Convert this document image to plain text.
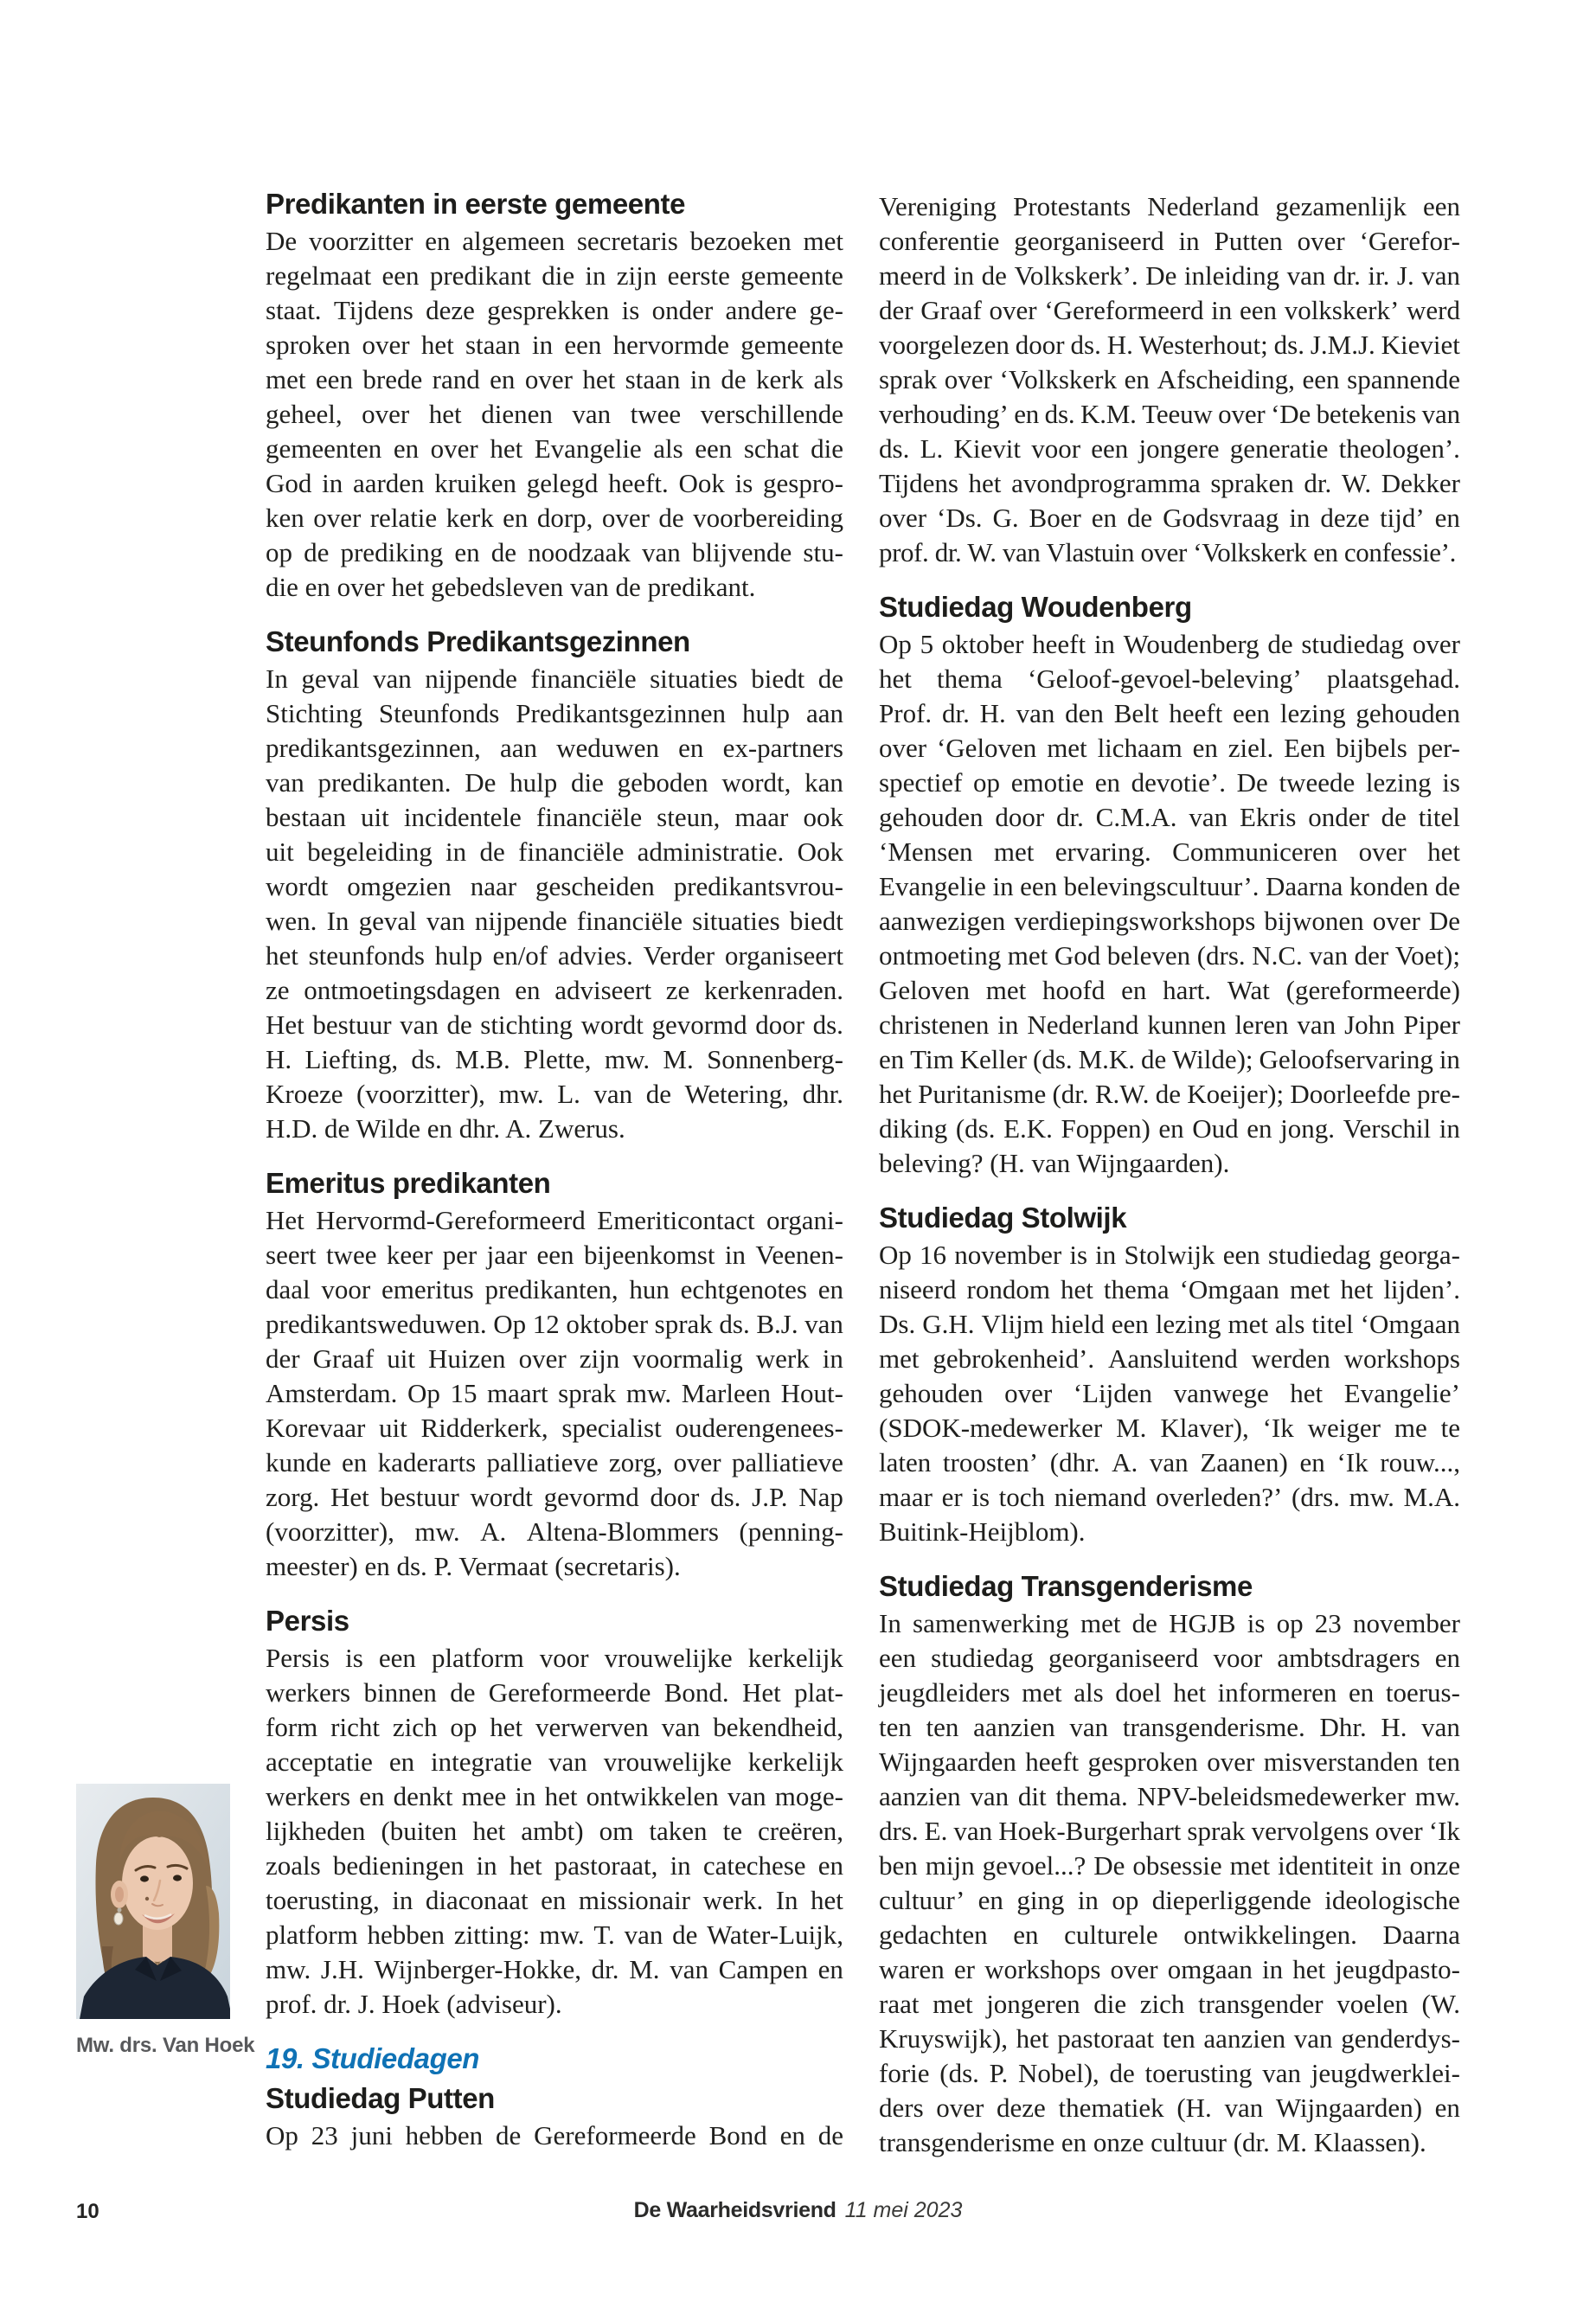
Predikanten in eerste gemeente
De voorzitter en algemeen secretaris bezoeken met
regelmaat een predikant die in zijn eerste gemeente
staat. Tijdens deze gesprekken is onder andere ge-
sproken over het staan in een hervormde gemeente
met een brede rand en over het staan in de kerk als
geheel, over het dienen van twee verschillende
gemeenten en over het Evangelie als een schat die
God in aarden kruiken gelegd heeft. Ook is gespro-
ken over relatie kerk en dorp, over de voorbereiding
op de prediking en de noodzaak van blijvende stu-
die en over het gebedsleven van de predikant.
Steunfonds Predikantsgezinnen
In geval van nijpende financiële situaties biedt de
Stichting Steunfonds Predikantsgezinnen hulp aan
predikantsgezinnen, aan weduwen en ex-partners
van predikanten. De hulp die geboden wordt, kan
bestaan uit incidentele financiële steun, maar ook
uit begeleiding in de financiële administratie. Ook
wordt omgezien naar gescheiden predikantsvrou-
wen. In geval van nijpende financiële situaties biedt
het steunfonds hulp en/of advies. Verder organiseert
ze ontmoetingsdagen en adviseert ze kerkenraden.
Het bestuur van de stichting wordt gevormd door ds.
H. Liefting, ds. M.B. Plette, mw. M. Sonnenberg-
Kroeze (voorzitter), mw. L. van de Wetering, dhr.
H.D. de Wilde en dhr. A. Zwerus.
Emeritus predikanten
Het Hervormd-Gereformeerd Emeriticontact organi-
seert twee keer per jaar een bijeenkomst in Veenen-
daal voor emeritus predikanten, hun echtgenotes en
predikantsweduwen. Op 12 oktober sprak ds. B.J. van
der Graaf uit Huizen over zijn voormalig werk in
Amsterdam. Op 15 maart sprak mw. Marleen Hout-
Korevaar uit Ridderkerk, specialist ouderengenees-
kunde en kaderarts palliatieve zorg, over palliatieve
zorg. Het bestuur wordt gevormd door ds. J.P. Nap
(voorzitter), mw. A. Altena-Blommers (penning-
meester) en ds. P. Vermaat (secretaris).
Persis
Persis is een platform voor vrouwelijke kerkelijk
werkers binnen de Gereformeerde Bond. Het plat-
form richt zich op het verwerven van bekendheid,
acceptatie en integratie van vrouwelijke kerkelijk
werkers en denkt mee in het ontwikkelen van moge-
lijkheden (buiten het ambt) om taken te creëren,
zoals bedieningen in het pastoraat, in catechese en
toerusting, in diaconaat en missionair werk. In het
platform hebben zitting: mw. T. van de Water-Luijk,
mw. J.H. Wijnberger-Hokke, dr. M. van Campen en
prof. dr. J. Hoek (adviseur).
19. Studiedagen
Studiedag Putten
Op 23 juni hebben de Gereformeerde Bond en de
Vereniging Protestants Nederland gezamenlijk een
conferentie georganiseerd in Putten over ‘Gerefor-
meerd in de Volkskerk’. De inleiding van dr. ir. J. van
der Graaf over ‘Gereformeerd in een volkskerk’ werd
voorgelezen door ds. H. Westerhout; ds. J.M.J. Kieviet
sprak over ‘Volkskerk en Afscheiding, een spannende
verhouding’ en ds. K.M. Teeuw over ‘De betekenis van
ds. L. Kievit voor een jongere generatie theologen’.
Tijdens het avondprogramma spraken dr. W. Dekker
over ‘Ds. G. Boer en de Godsvraag in deze tijd’ en
prof. dr. W. van Vlastuin over ‘Volkskerk en confessie’.
Studiedag Woudenberg
Op 5 oktober heeft in Woudenberg de studiedag over
het thema ‘Geloof-gevoel-beleving’ plaatsgehad.
Prof. dr. H. van den Belt heeft een lezing gehouden
over ‘Geloven met lichaam en ziel. Een bijbels per-
spectief op emotie en devotie’. De tweede lezing is
gehouden door dr. C.M.A. van Ekris onder de titel
‘Mensen met ervaring. Communiceren over het
Evangelie in een belevingscultuur’. Daarna konden de
aanwezigen verdiepingsworkshops bijwonen over De
ontmoeting met God beleven (drs. N.C. van der Voet);
Geloven met hoofd en hart. Wat (gereformeerde)
christenen in Nederland kunnen leren van John Piper
en Tim Keller (ds. M.K. de Wilde); Geloofservaring in
het Puritanisme (dr. R.W. de Koeijer); Doorleefde pre-
diking (ds. E.K. Foppen) en Oud en jong. Verschil in
beleving? (H. van Wijngaarden).
Studiedag Stolwijk
Op 16 november is in Stolwijk een studiedag georga-
niseerd rondom het thema ‘Omgaan met het lijden’.
Ds. G.H. Vlijm hield een lezing met als titel ‘Omgaan
met gebrokenheid’. Aansluitend werden workshops
gehouden over ‘Lijden vanwege het Evangelie’
(SDOK-medewerker M. Klaver), ‘Ik weiger me te
laten troosten’ (dhr. A. van Zaanen) en ‘Ik rouw...,
maar er is toch niemand overleden?’ (drs. mw. M.A.
Buitink-Heijblom).
Studiedag Transgenderisme
In samenwerking met de HGJB is op 23 november
een studiedag georganiseerd voor ambtsdragers en
jeugdleiders met als doel het informeren en toerus-
ten ten aanzien van transgenderisme. Dhr. H. van
Wijngaarden heeft gesproken over misverstanden ten
aanzien van dit thema. NPV-beleidsmedewerker mw.
drs. E. van Hoek-Burgerhart sprak vervolgens over ‘Ik
ben mijn gevoel...? De obsessie met identiteit in onze
cultuur’ en ging in op dieperliggende ideologische
gedachten en culturele ontwikkelingen. Daarna
waren er workshops over omgaan in het jeugdpasto-
raat met jongeren die zich transgender voelen (W.
Kruyswijk), het pastoraat ten aanzien van genderdys-
forie (ds. P. Nobel), de toerusting van jeugdwerklei-
ders over deze thematiek (H. van Wijngaarden) en
transgenderisme en onze cultuur (dr. M. Klaassen).
Mw. drs. Van Hoek
10	De Waarheidsvriend 11 mei 2023
